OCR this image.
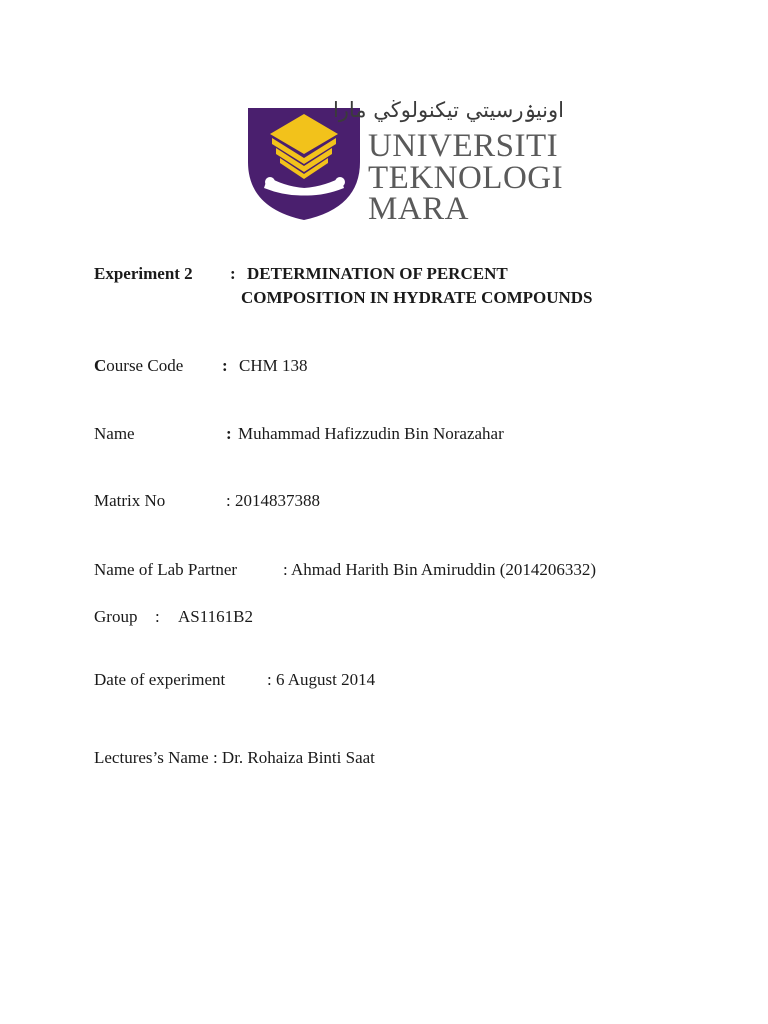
اونيۏرسيتي تيكنولوڬي مارا
UNIVERSITI
TEKNOLOGI
MARA
Experiment 2 : DETERMINATION OF PERCENT
COMPOSITION IN HYDRATE COMPOUNDS
Course Code : CHM 138
Name	: Muhammad Hafizzudin Bin Norazahar
Matrix No	: 2014837388
Name of Lab Partner	: Ahmad Harith Bin Amiruddin (2014206332)
Group : AS1161B2
Date of experiment : 6 August 2014
Lectures’s Name : Dr. Rohaiza Binti Saat
